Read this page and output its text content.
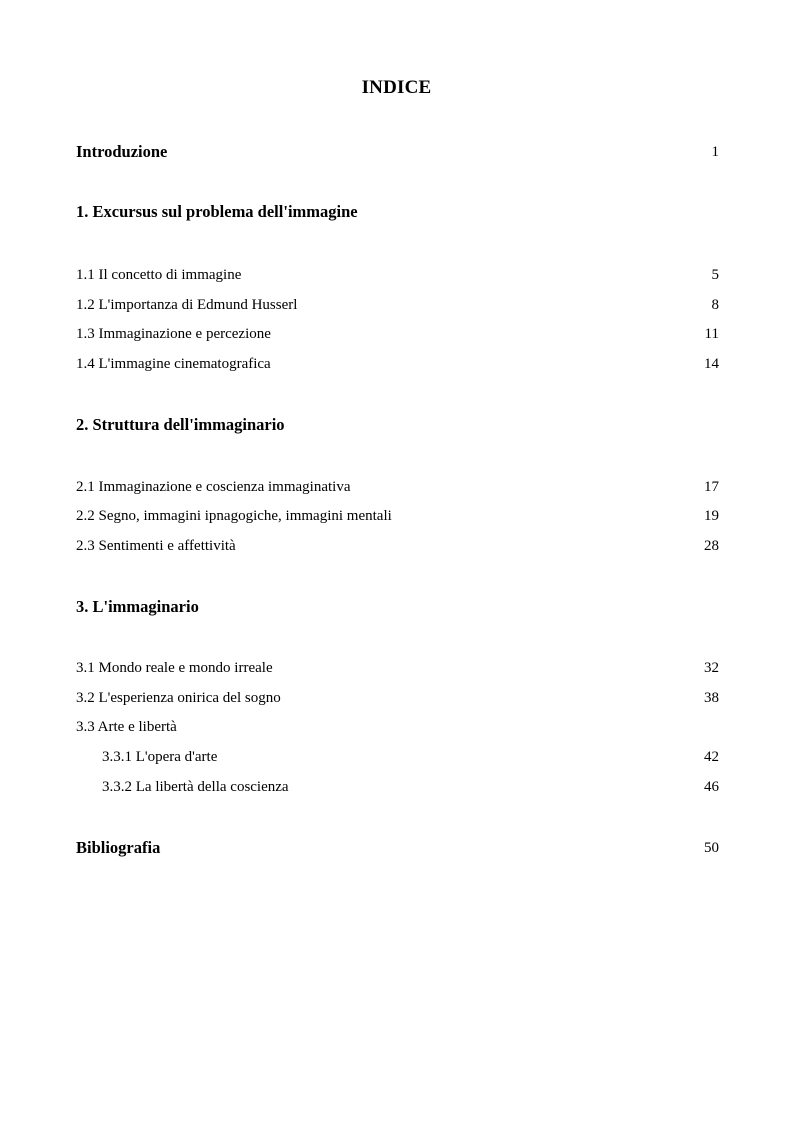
INDICE
Introduzione	1
1. Excursus sul problema dell'immagine
1.1 Il concetto di immagine	5
1.2 L'importanza di Edmund Husserl	8
1.3 Immaginazione e percezione	11
1.4 L'immagine cinematografica	14
2. Struttura dell'immaginario
2.1 Immaginazione e coscienza immaginativa	17
2.2 Segno, immagini ipnagogiche, immagini mentali	19
2.3 Sentimenti e affettività	28
3. L'immaginario
3.1 Mondo reale e mondo irreale	32
3.2 L'esperienza onirica del sogno	38
3.3 Arte e libertà
3.3.1 L'opera d'arte	42
3.3.2 La libertà della coscienza	46
Bibliografia	50
